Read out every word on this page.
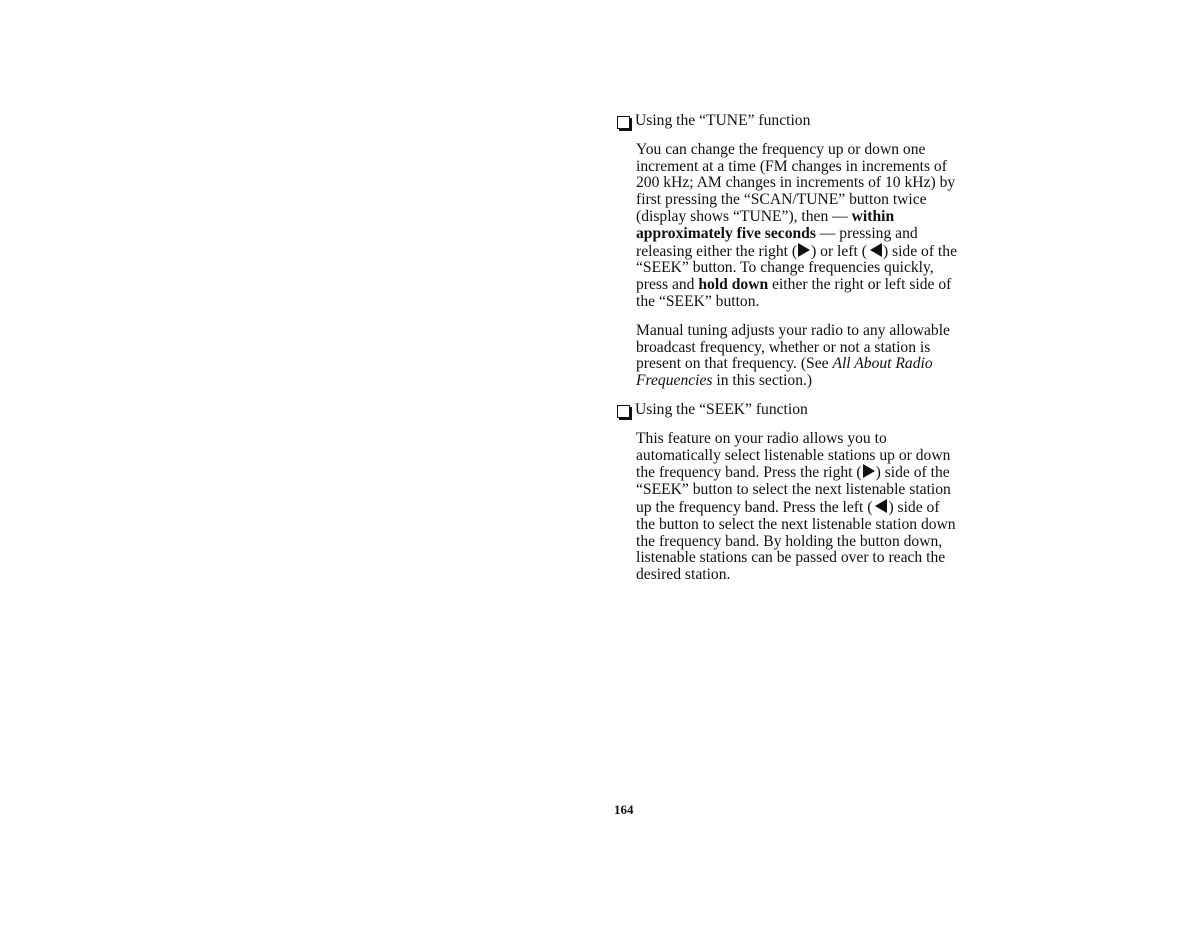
Using the “TUNE” function

You can change the frequency up or down one increment at a time (FM changes in increments of 200 kHz; AM changes in increments of 10 kHz) by first pressing the “SCAN/TUNE” button twice (display shows “TUNE”), then — within approximately five seconds — pressing and releasing either the right ( ) or left ( ) side of the “SEEK” button. To change frequencies quickly, press and hold down either the right or left side of the “SEEK” button.

Manual tuning adjusts your radio to any allowable broadcast frequency, whether or not a station is present on that frequency. (See All About Radio Frequencies in this section.)

Using the “SEEK” function

This feature on your radio allows you to automatically select listenable stations up or down the frequency band. Press the right ( ) side of the “SEEK” button to select the next listenable station up the frequency band. Press the left ( ) side of the button to select the next listenable station down the frequency band. By holding the button down, listenable stations can be passed over to reach the desired station.

164
